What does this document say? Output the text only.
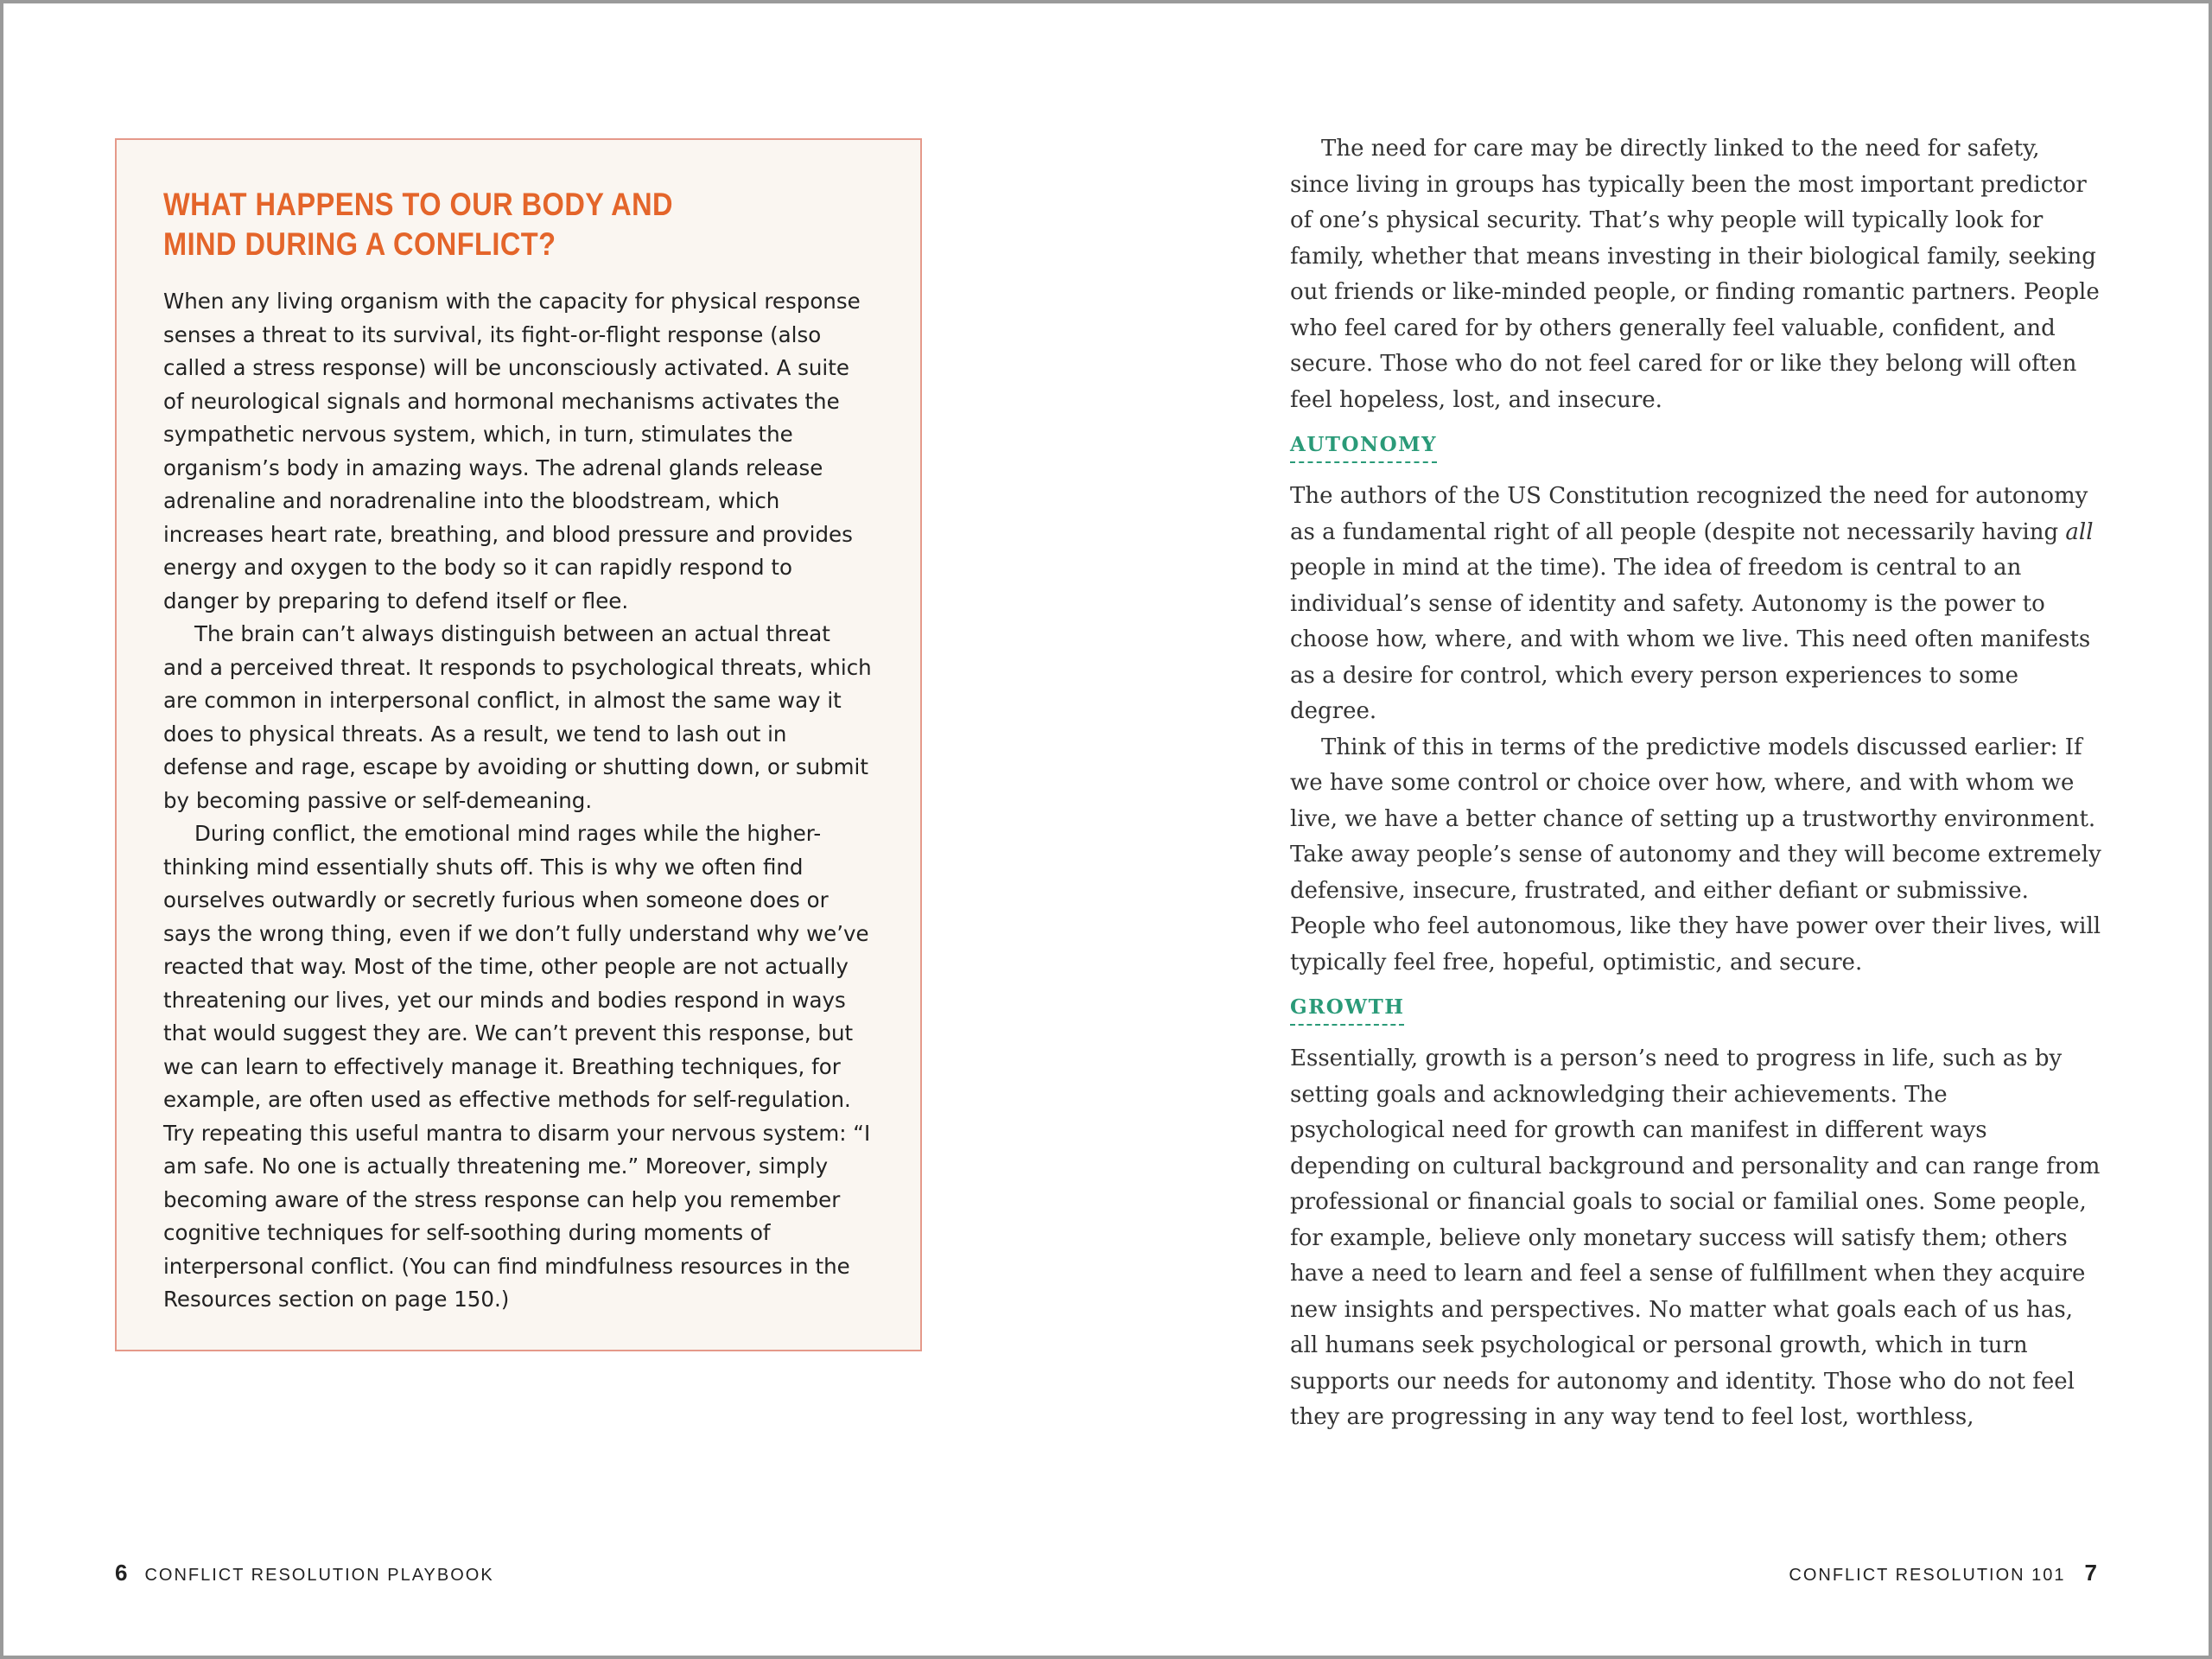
WHAT HAPPENS TO OUR BODY AND
MIND DURING A CONFLICT?

When any living organism with the capacity for physical response senses a threat to its survival, its fight-or-flight response (also called a stress response) will be unconsciously activated. A suite of neurological signals and hormonal mechanisms activates the sympathetic nervous system, which, in turn, stimulates the organism’s body in amazing ways. The adrenal glands release adrenaline and noradrenaline into the bloodstream, which increases heart rate, breathing, and blood pressure and provides energy and oxygen to the body so it can rapidly respond to danger by preparing to defend itself or flee.

The brain can’t always distinguish between an actual threat and a perceived threat. It responds to psychological threats, which are common in interpersonal conflict, in almost the same way it does to physical threats. As a result, we tend to lash out in defense and rage, escape by avoiding or shutting down, or submit by becoming passive or self-demeaning.

During conflict, the emotional mind rages while the higher-thinking mind essentially shuts off. This is why we often find ourselves outwardly or secretly furious when someone does or says the wrong thing, even if we don’t fully understand why we’ve reacted that way. Most of the time, other people are not actually threatening our lives, yet our minds and bodies respond in ways that would suggest they are. We can’t prevent this response, but we can learn to effectively manage it. Breathing techniques, for example, are often used as effective methods for self-regulation. Try repeating this useful mantra to disarm your nervous system: “I am safe. No one is actually threatening me.” Moreover, simply becoming aware of the stress response can help you remember cognitive techniques for self-soothing during moments of interpersonal conflict. (You can find mindfulness resources in the Resources section on page 150.)

The need for care may be directly linked to the need for safety, since living in groups has typically been the most important predictor of one’s physical security. That’s why people will typically look for family, whether that means investing in their biological family, seeking out friends or like-minded people, or finding romantic partners. People who feel cared for by others generally feel valuable, confident, and secure. Those who do not feel cared for or like they belong will often feel hopeless, lost, and insecure.

AUTONOMY

The authors of the US Constitution recognized the need for autonomy as a fundamental right of all people (despite not necessarily having all people in mind at the time). The idea of freedom is central to an individual’s sense of identity and safety. Autonomy is the power to choose how, where, and with whom we live. This need often manifests as a desire for control, which every person experiences to some degree.

Think of this in terms of the predictive models discussed earlier: If we have some control or choice over how, where, and with whom we live, we have a better chance of setting up a trustworthy environment. Take away people’s sense of autonomy and they will become extremely defensive, insecure, frustrated, and either defiant or submissive. People who feel autonomous, like they have power over their lives, will typically feel free, hopeful, optimistic, and secure.

GROWTH

Essentially, growth is a person’s need to progress in life, such as by setting goals and acknowledging their achievements. The psychological need for growth can manifest in different ways depending on cultural background and personality and can range from professional or financial goals to social or familial ones. Some people, for example, believe only monetary success will satisfy them; others have a need to learn and feel a sense of fulfillment when they acquire new insights and perspectives. No matter what goals each of us has, all humans seek psychological or personal growth, which in turn supports our needs for autonomy and identity. Those who do not feel they are progressing in any way tend to feel lost, worthless,

6 CONFLICT RESOLUTION PLAYBOOK	CONFLICT RESOLUTION 101 7
